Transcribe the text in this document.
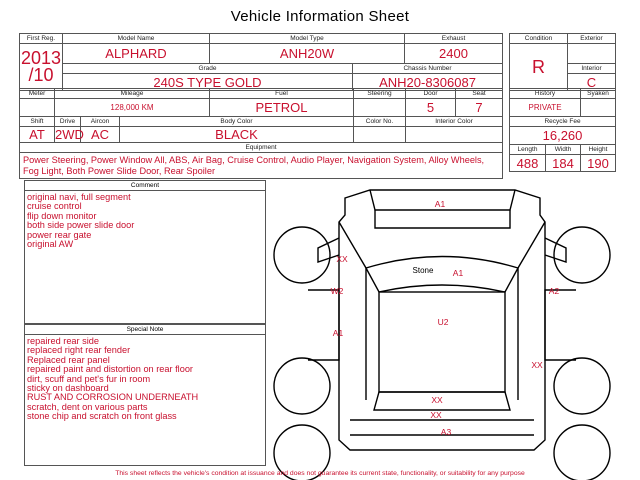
Vehicle Information Sheet
First Reg.	Model Name	Model Type		Exhaust

2013
/10	ALPHARD	ANH20W		2400
	Grade		Chassis Number	
	240S TYPE GOLD		ANH20-8306087	
Condition	Exterior
R	
	Interior
	C
Meter	Mileage			Fuel	Steering	Door	Seat
	128,000 KM			PETROL		5	7
Shift	Drive	Aircon	Body Color		Color No.	Interior Color	
AT	2WD	AC	BLACK				
Equipment							
Power Steering, Power Window All, ABS, Air Bag, Cruise Control, Audio Player, Navigation System, Alloy Wheels, Fog Light, Both Power Slide Door, Rear Spoiler							
History		Syaken
PRIVATE		
Recycle Fee		
16,260		
Length	Width	Height
488	184	190
Comment
original navi, full segment
cruise control
flip down monitor
both side power slide door
power rear gate
original AW
Special Note
repaired rear side
replaced right rear fender
Replaced rear panel
repaired paint and distortion on rear floor
dirt, scuff and pet's fur in room
sticky on dashboard
RUST AND CORROSION UNDERNEATH
scratch, dent on various parts
stone chip and scratch on front glass
A1
XX
Stone A1
W2	A2
U2
A1
XX
XX
XX
A3
This sheet reflects the vehicle's condition at issuance and does not guarantee its current state, functionality, or suitability for any purpose
